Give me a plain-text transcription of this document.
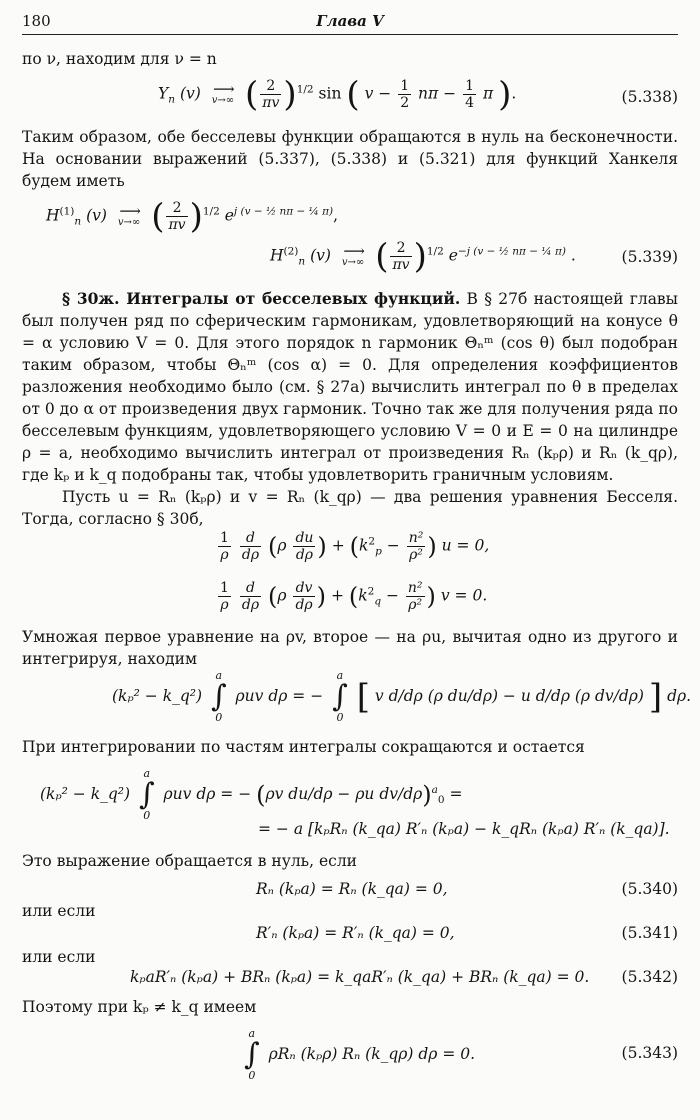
180	Глава V

по ν, находим для ν = n

$Y_n$ (v) ⟶
v→∞ ( $\frac{2}{\pi v} )^{1/2}$ sin ( $v - \frac{1}{2}$ $n\pi - \frac{1}{4}$ π ).	(5.338)

Таким образом, обе бесселевы функции обращаются в нуль на бесконечности. На основании выражений (5.337), (5.338) и (5.321) для функций Ханкеля будем иметь

$H^{(1)}_n$ (v) ⟶
v→∞ ( $\frac{2}{\pi v} )^{1/2}$ $e^{j (v - \frac{1}{2} n\pi - \frac{1}{4} \pi)}$,
$H^{(2)}_n$ (v) ⟶
v→∞ ( $\frac{2}{\pi v} )^{1/2}$ $e^{-j (v - \frac{1}{2} n\pi - \frac{1}{4} \pi)}$ .	(5.339)

§ 30ж. Интегралы от бесселевых функций. В § 27б настоящей главы был получен ряд по сферическим гармоникам, удовлетворяющий на конусе θ = α условию V = 0. Для этого порядок n гармоник Θₙᵐ (cos θ) был подобран таким образом, чтобы Θₙᵐ (cos α) = 0. Для определения коэффициентов разложения необходимо было (см. § 27а) вычислить интеграл по θ в пределах от 0 до α от произведения двух гармоник. Точно так же для получения ряда по бесселевым функциям, удовлетворяющего условию V = 0 и E = 0 на цилиндре ρ = a, необходимо вычислить интеграл от произведения Rₙ (kₚρ) и Rₙ (k_qρ), где kₚ и k_q подобраны так, чтобы удовлетворить граничным условиям.

Пусть u = Rₙ (kₚρ) и v = Rₙ (k_qρ) — два решения уравнения Бесселя. Тогда, согласно § 30б,

$\frac{1}{\rho}$
$\frac{d}{d\rho} (\rho \frac{du}{d\rho}$ ) + ($k^2_p - \frac{\text{n²}}{\text{ρ²}}$ ) u = 0,
$\frac{1}{\rho}$
$\frac{d}{d\rho} (\rho \frac{dv}{d\rho}$ ) + ($k^2_q - \frac{\text{n²}}{\text{ρ²}}$ ) v = 0.

Умножая первое уравнение на ρv, второе — на ρu, вычитая одно из другого и интегрируя, находим

(kₚ² − k_q²)
a
∫
0
ρuv dρ = −
a
∫
0
[ v d/dρ (ρ du/dρ) − u d/dρ (ρ dv/dρ) ] dρ.

При интегрировании по частям интегралы сокращаются и остается

(kₚ² − k_q²)
a
∫
0
ρuv dρ = − (ρv du/dρ − ρu dv/dρ)$^a_0$ =
= − a [kₚRₙ (k_qa) R′ₙ (kₚa) − k_qRₙ (kₚa) R′ₙ (k_qa)].

Это выражение обращается в нуль, если

Rₙ (kₚa) = Rₙ (k_qa) = 0,	(5.340)

или если

R′ₙ (kₚa) = R′ₙ (k_qa) = 0,	(5.341)

или если

kₚaR′ₙ (kₚa) + BRₙ (kₚa) = k_qaR′ₙ (k_qa) + BRₙ (k_qa) = 0. (5.342)

Поэтому при kₚ ≠ k_q имеем

a
∫
0
ρRₙ (kₚρ) Rₙ (k_qρ) dρ = 0.	(5.343)
